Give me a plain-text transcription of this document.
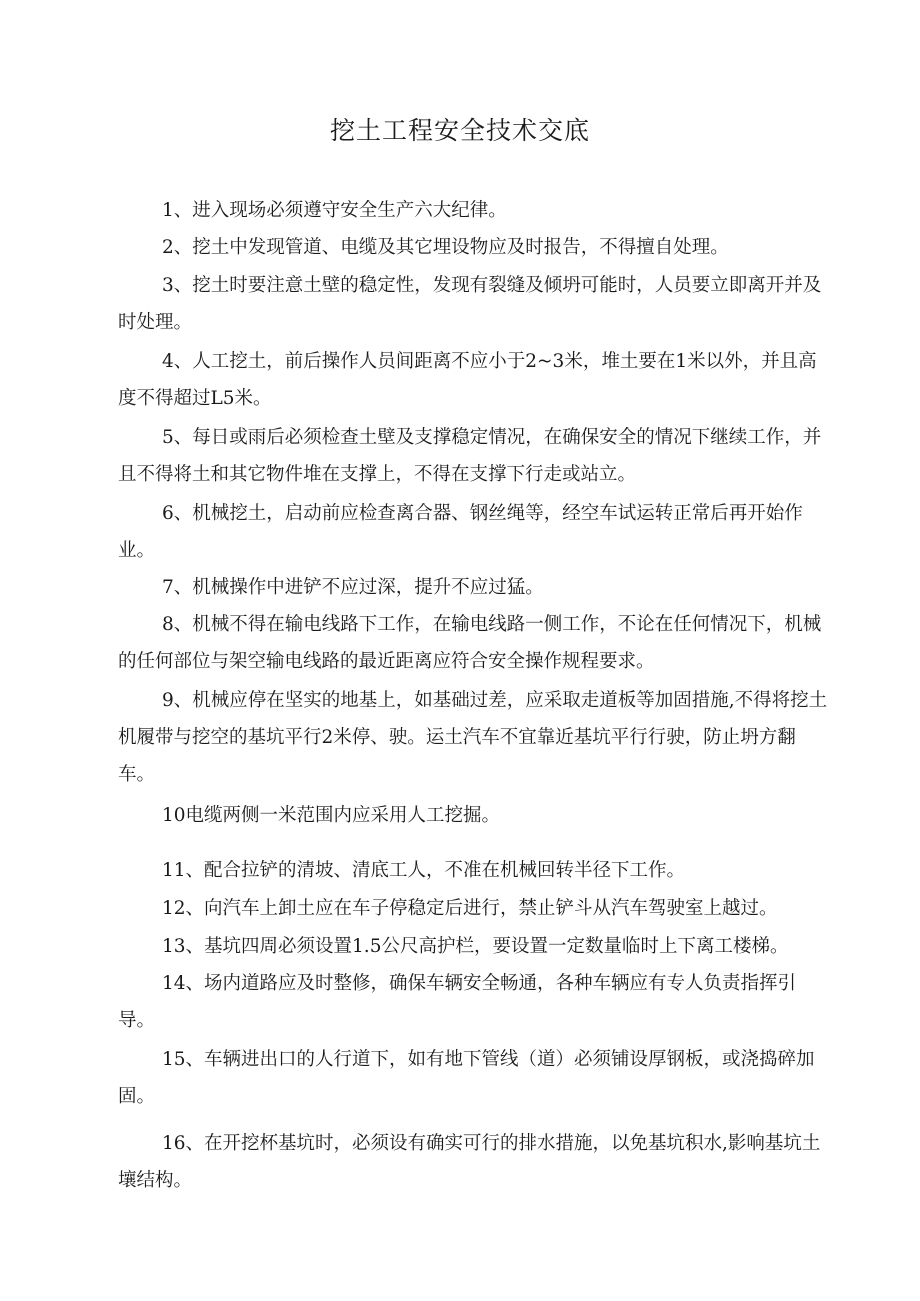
挖土工程安全技术交底

1、进入现场必须遵守安全生产六大纪律。

2、挖土中发现管道、电缆及其它埋设物应及时报告，不得擅自处理。

3、挖土时要注意土壁的稳定性，发现有裂缝及倾坍可能时，人员要立即离开并及时处理。

4、人工挖土，前后操作人员间距离不应小于2~3米，堆土要在1米以外，并且高度不得超过L5米。

5、每日或雨后必须检查土壁及支撑稳定情况，在确保安全的情况下继续工作，并且不得将土和其它物件堆在支撑上，不得在支撑下行走或站立。

6、机械挖土，启动前应检查离合器、钢丝绳等，经空车试运转正常后再开始作业。

7、机械操作中进铲不应过深，提升不应过猛。

8、机械不得在输电线路下工作，在输电线路一侧工作，不论在任何情况下，机械的任何部位与架空输电线路的最近距离应符合安全操作规程要求。

9、机械应停在坚实的地基上，如基础过差，应采取走道板等加固措施,不得将挖土机履带与挖空的基坑平行2米停、驶。运土汽车不宜靠近基坑平行行驶，防止坍方翻车。

10电缆两侧一米范围内应采用人工挖掘。

11、配合拉铲的清坡、清底工人，不准在机械回转半径下工作。

12、向汽车上卸土应在车子停稳定后进行，禁止铲斗从汽车驾驶室上越过。

13、基坑四周必须设置1.5公尺高护栏，要设置一定数量临时上下离工楼梯。

14、场内道路应及时整修，确保车辆安全畅通，各种车辆应有专人负责指挥引导。

15、车辆进出口的人行道下，如有地下管线（道）必须铺设厚钢板，或浇捣碎加固。

16、在开挖杯基坑时，必须设有确实可行的排水措施，以免基坑积水,影响基坑土壤结构。
